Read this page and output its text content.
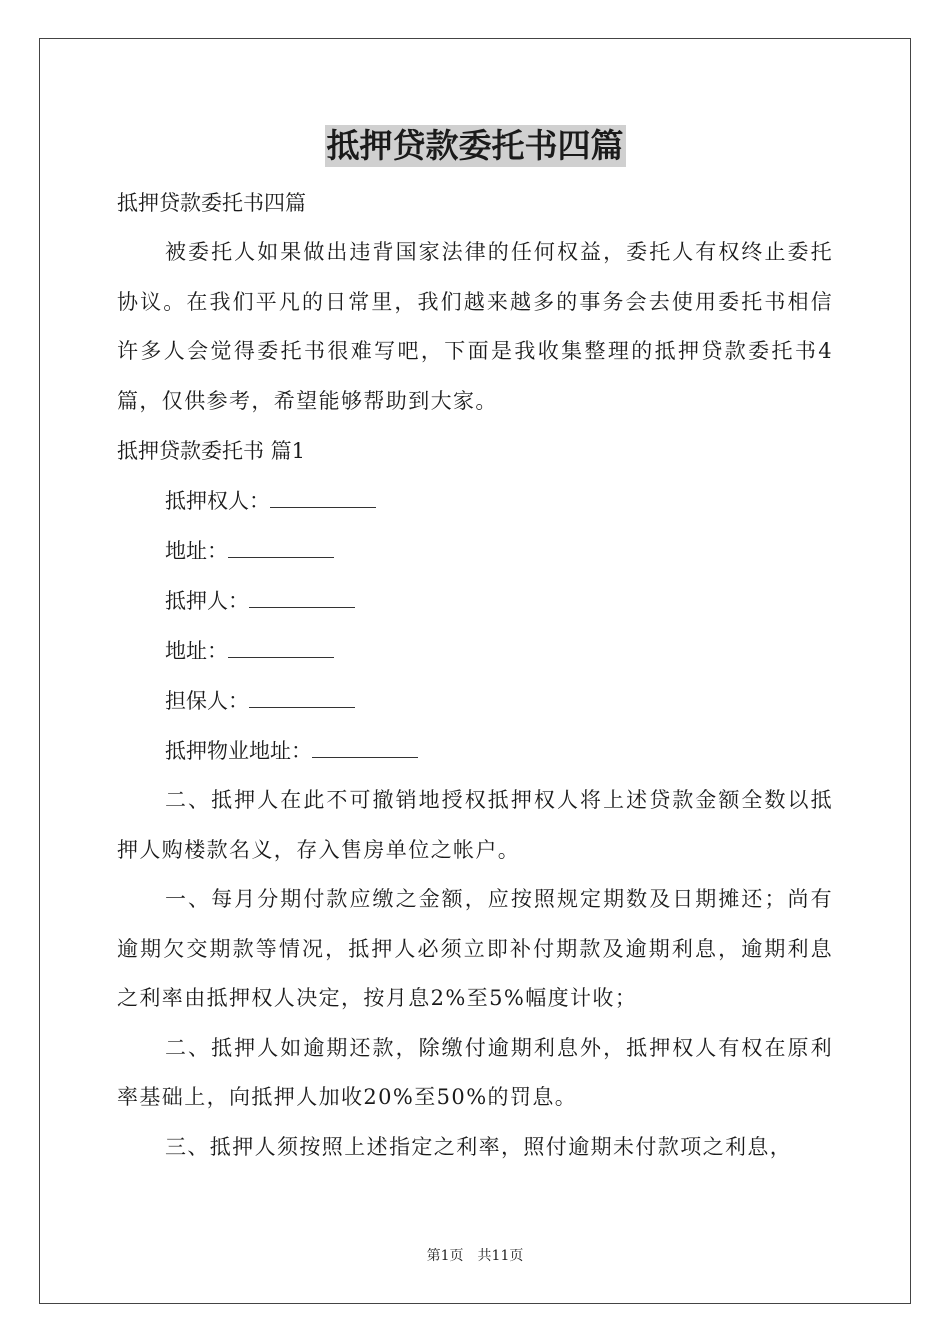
抵押贷款委托书四篇
抵押贷款委托书四篇

被委托人如果做出违背国家法律的任何权益，委托人有权终止委托协议。在我们平凡的日常里，我们越来越多的事务会去使用委托书相信许多人会觉得委托书很难写吧，下面是我收集整理的抵押贷款委托书4篇，仅供参考，希望能够帮助到大家。

抵押贷款委托书 篇1
抵押权人：
地址：
抵押人：
地址：
担保人：
抵押物业地址：

二、抵押人在此不可撤销地授权抵押权人将上述贷款金额全数以抵押人购楼款名义，存入售房单位之帐户。

一、每月分期付款应缴之金额，应按照规定期数及日期摊还；尚有逾期欠交期款等情况，抵押人必须立即补付期款及逾期利息，逾期利息之利率由抵押权人决定，按月息2%至5%幅度计收；

二、抵押人如逾期还款，除缴付逾期利息外，抵押权人有权在原利率基础上，向抵押人加收20%至50%的罚息。

三、抵押人须按照上述指定之利率，照付逾期未付款项之利息，

第1页　共11页
